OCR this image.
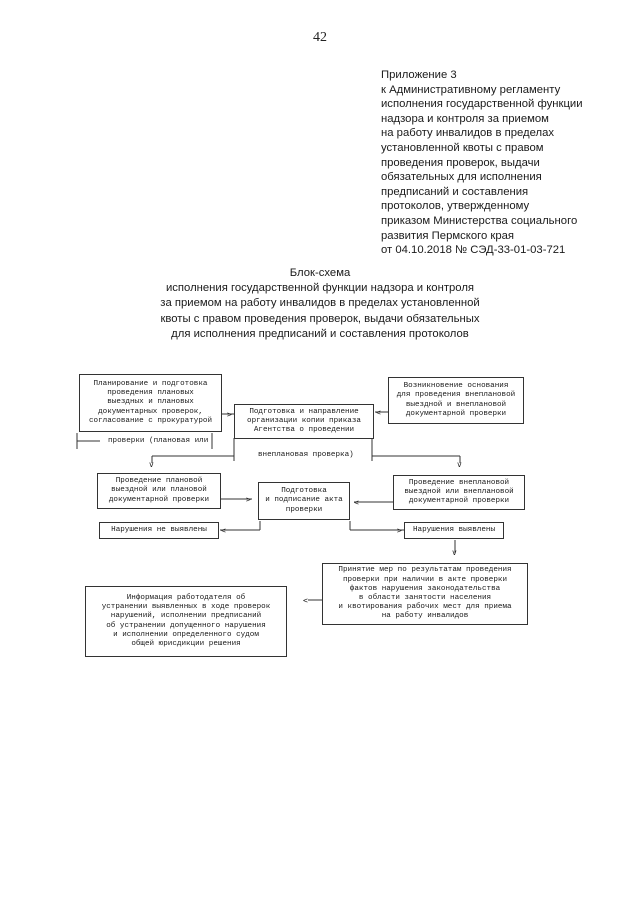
42
Приложение 3
к Административному регламенту
исполнения государственной функции
надзора и контроля за приемом
на работу инвалидов в пределах
установленной квоты с правом
проведения проверок, выдачи
обязательных для исполнения
предписаний и составления
протоколов, утвержденному
приказом Министерства социального
развития Пермского края
от 04.10.2018 № СЭД-33-01-03-721
Блок-схема
исполнения государственной функции надзора и контроля
за приемом на работу инвалидов в пределах установленной
квоты с правом проведения проверок, выдачи обязательных
для исполнения предписаний и составления протоколов
>	<
v	v
>	<
<	>
v
<
Планирование и подготовка
проведения плановых
выездных и плановых
документарных проверок,
согласование с прокуратурой
Возникновение основания
для проведения внеплановой
выездной и внеплановой
документарной проверки
Подготовка и направление
организации копии приказа
Агентства о проведении
проверки (плановая или
внеплановая проверка)
Проведение плановой
выездной или плановой
документарной проверки
Подготовка
и подписание акта
проверки
Проведение внеплановой
выездной или внеплановой
документарной проверки
Нарушения не выявлены	Нарушения выявлены
Принятие мер по результатам проведения
проверки при наличии в акте проверки
фактов нарушения законодательства
в области занятости населения
и квотирования рабочих мест для приема
на работу инвалидов
Информация работодателя об
устранении выявленных в ходе проверок
нарушений, исполнении предписаний
об устранении допущенного нарушения
и исполнении определенного судом
общей юрисдикции решения
